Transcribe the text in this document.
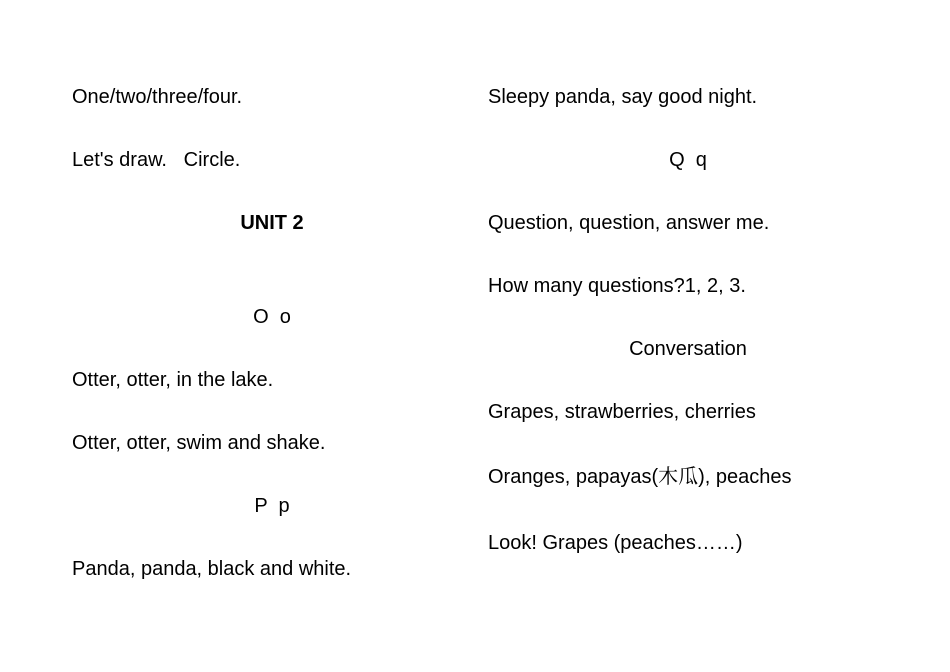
One/two/three/four.
Let's draw.   Circle.
UNIT 2
O  o
Otter, otter, in the lake.
Otter, otter, swim and shake.
P  p
Panda, panda, black and white.
Sleepy panda, say good night.
Q  q
Question, question, answer me.
How many questions?1, 2, 3.
Conversation
Grapes, strawberries, cherries
Oranges, papayas(木瓜), peaches
Look! Grapes (peaches……)
